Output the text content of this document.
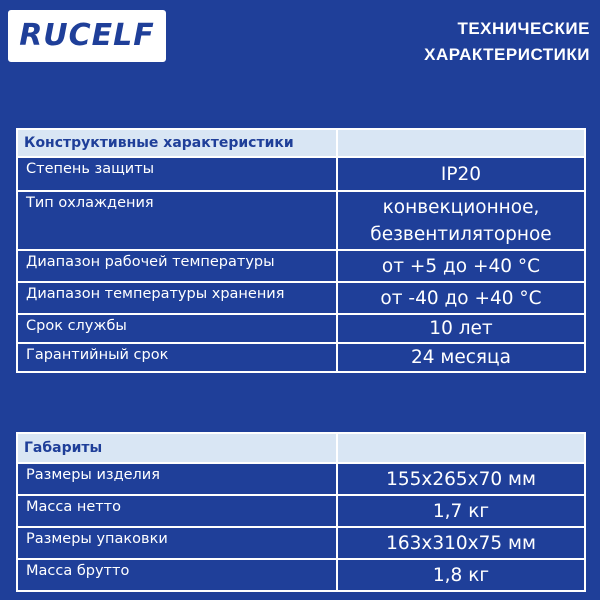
RUCELF	ТЕХНИЧЕСКИЕ
ХАРАКТЕРИСТИКИ
Конструктивные характеристики	
Степень защиты	IP20
Тип охлаждения	конвекционное,
безвентиляторное

Диапазон рабочей температуры	от +5 до +40 °С
Диапазон температуры хранения	от -40 до +40 °С
Срок службы	10 лет
Гарантийный срок	24 месяца
Габариты	
Размеры изделия	155х265х70 мм
Масса нетто	1,7 кг
Размеры упаковки	163х310х75 мм
Масса брутто	1,8 кг
